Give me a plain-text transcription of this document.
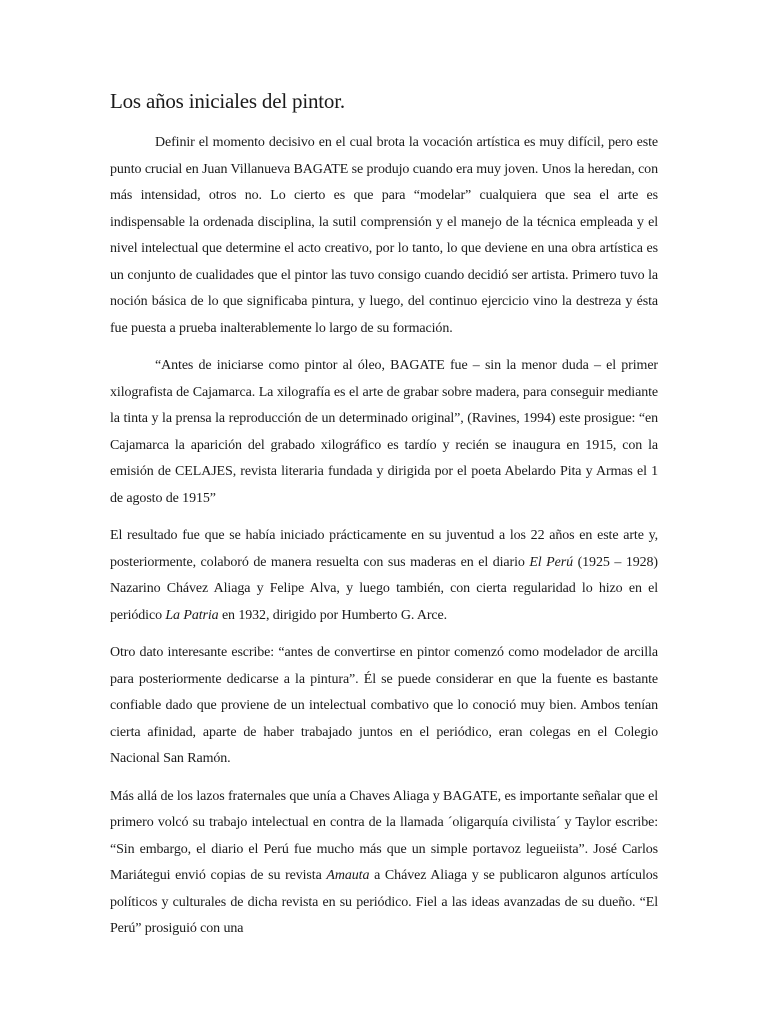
Los años iniciales del pintor.

Definir el momento decisivo en el cual brota la vocación artística es muy difícil, pero este punto crucial en Juan Villanueva BAGATE se produjo cuando era muy joven. Unos la heredan, con más intensidad, otros no. Lo cierto es que para “modelar” cualquiera que sea el arte es indispensable la ordenada disciplina, la sutil comprensión y el manejo de la técnica empleada y el nivel intelectual que determine el acto creativo, por lo tanto, lo que deviene en una obra artística es un conjunto de cualidades que el pintor las tuvo consigo cuando decidió ser artista. Primero tuvo la noción básica de lo que significaba pintura, y luego, del continuo ejercicio vino la destreza y ésta fue puesta a prueba inalterablemente lo largo de su formación.

“Antes de iniciarse como pintor al óleo, BAGATE fue – sin la menor duda – el primer xilografista de Cajamarca. La xilografía es el arte de grabar sobre madera, para conseguir mediante la tinta y la prensa la reproducción de un determinado original”, (Ravines, 1994) este prosigue: “en Cajamarca la aparición del grabado xilográfico es tardío y recién se inaugura en 1915, con la emisión de CELAJES, revista literaria fundada y dirigida por el poeta Abelardo Pita y Armas el 1 de agosto de 1915”

El resultado fue que se había iniciado prácticamente en su juventud a los 22 años en este arte y, posteriormente, colaboró de manera resuelta con sus maderas en el diario El Perú (1925 – 1928) Nazarino Chávez Aliaga y Felipe Alva, y luego también, con cierta regularidad lo hizo en el periódico La Patria en 1932, dirigido por Humberto G. Arce.

Otro dato interesante escribe: “antes de convertirse en pintor comenzó como modelador de arcilla para posteriormente dedicarse a la pintura”. Él se puede considerar en que la fuente es bastante confiable dado que proviene de un intelectual combativo que lo conoció muy bien. Ambos tenían cierta afinidad, aparte de haber trabajado juntos en el periódico, eran colegas en el Colegio Nacional San Ramón.

Más allá de los lazos fraternales que unía a Chaves Aliaga y BAGATE, es importante señalar que el primero volcó su trabajo intelectual en contra de la llamada ´oligarquía civilista´ y Taylor escribe: “Sin embargo, el diario el Perú fue mucho más que un simple portavoz legueiista”. José Carlos Mariátegui envió copias de su revista Amauta a Chávez Aliaga y se publicaron algunos artículos políticos y culturales de dicha revista en su periódico. Fiel a las ideas avanzadas de su dueño. “El Perú” prosiguió con una
